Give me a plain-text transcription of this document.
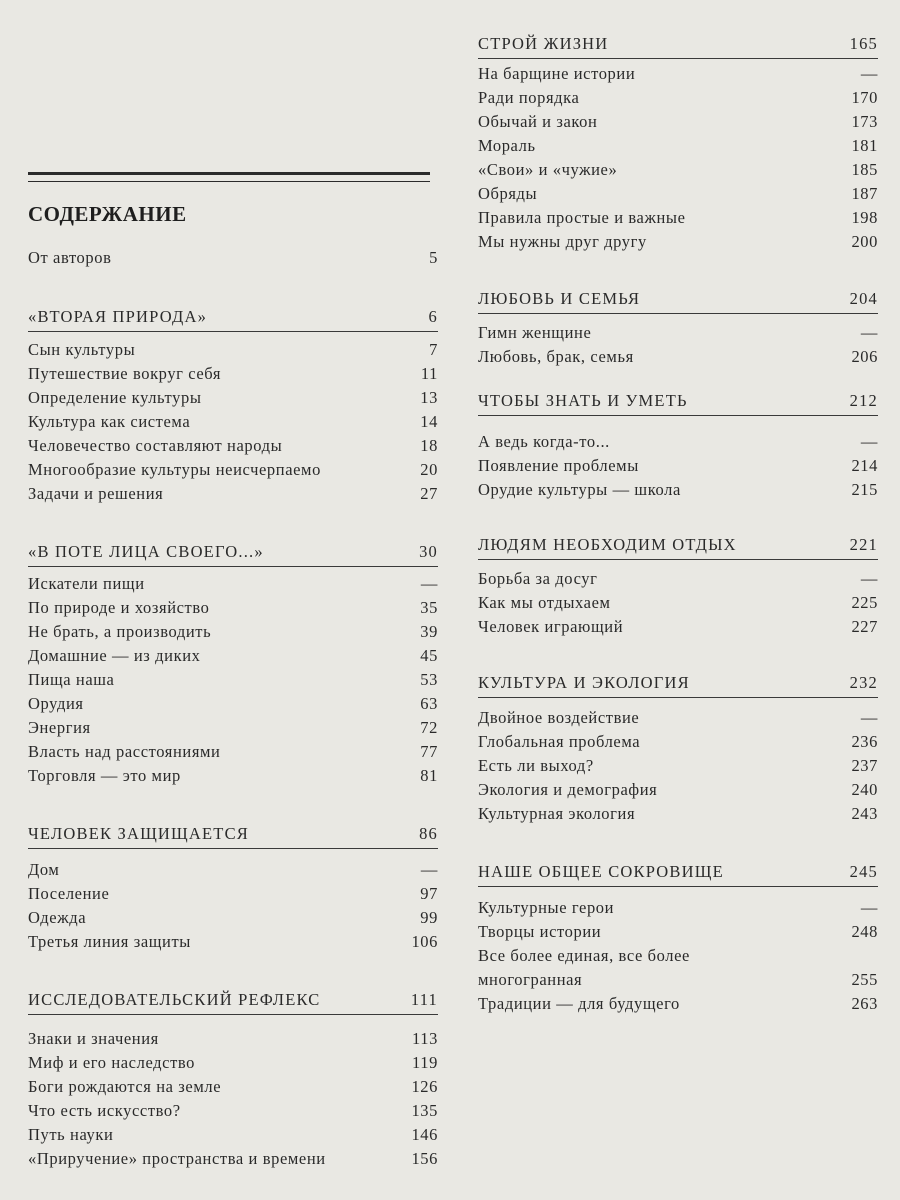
СОДЕРЖАНИЕ
От авторов	5
«ВТОРАЯ ПРИРОДА»	6
Сын культуры	7
Путешествие вокруг себя	11
Определение культуры	13
Культура как система	14
Человечество составляют народы	18
Многообразие культуры неисчерпаемо	20
Задачи и решения	27
«В ПОТЕ ЛИЦА СВОЕГО...»	30
Искатели пищи	—
По природе и хозяйство	35
Не брать, а производить	39
Домашние — из диких	45
Пища наша	53
Орудия	63
Энергия	72
Власть над расстояниями	77
Торговля — это мир	81
ЧЕЛОВЕК ЗАЩИЩАЕТСЯ	86
Дом	—
Поселение	97
Одежда	99
Третья линия защиты	106
ИССЛЕДОВАТЕЛЬСКИЙ РЕФЛЕКС	111
Знаки и значения	113
Миф и его наследство	119
Боги рождаются на земле	126
Что есть искусство?	135
Путь науки	146
«Приручение» пространства и времени	156
СТРОЙ ЖИЗНИ	165
На барщине истории	—
Ради порядка	170
Обычай и закон	173
Мораль	181
«Свои» и «чужие»	185
Обряды	187
Правила простые и важные	198
Мы нужны друг другу	200
ЛЮБОВЬ И СЕМЬЯ	204
Гимн женщине	—
Любовь, брак, семья	206
ЧТОБЫ ЗНАТЬ И УМЕТЬ	212
А ведь когда-то...	—
Появление проблемы	214
Орудие культуры — школа	215
ЛЮДЯМ НЕОБХОДИМ ОТДЫХ	221
Борьба за досуг	—
Как мы отдыхаем	225
Человек играющий	227
КУЛЬТУРА И ЭКОЛОГИЯ	232
Двойное воздействие	—
Глобальная проблема	236
Есть ли выход?	237
Экология и демография	240
Культурная экология	243
НАШЕ ОБЩЕЕ СОКРОВИЩЕ	245
Культурные герои	—
Творцы истории	248
Все более единая, все более
многогранная	255
Традиции — для будущего	263
